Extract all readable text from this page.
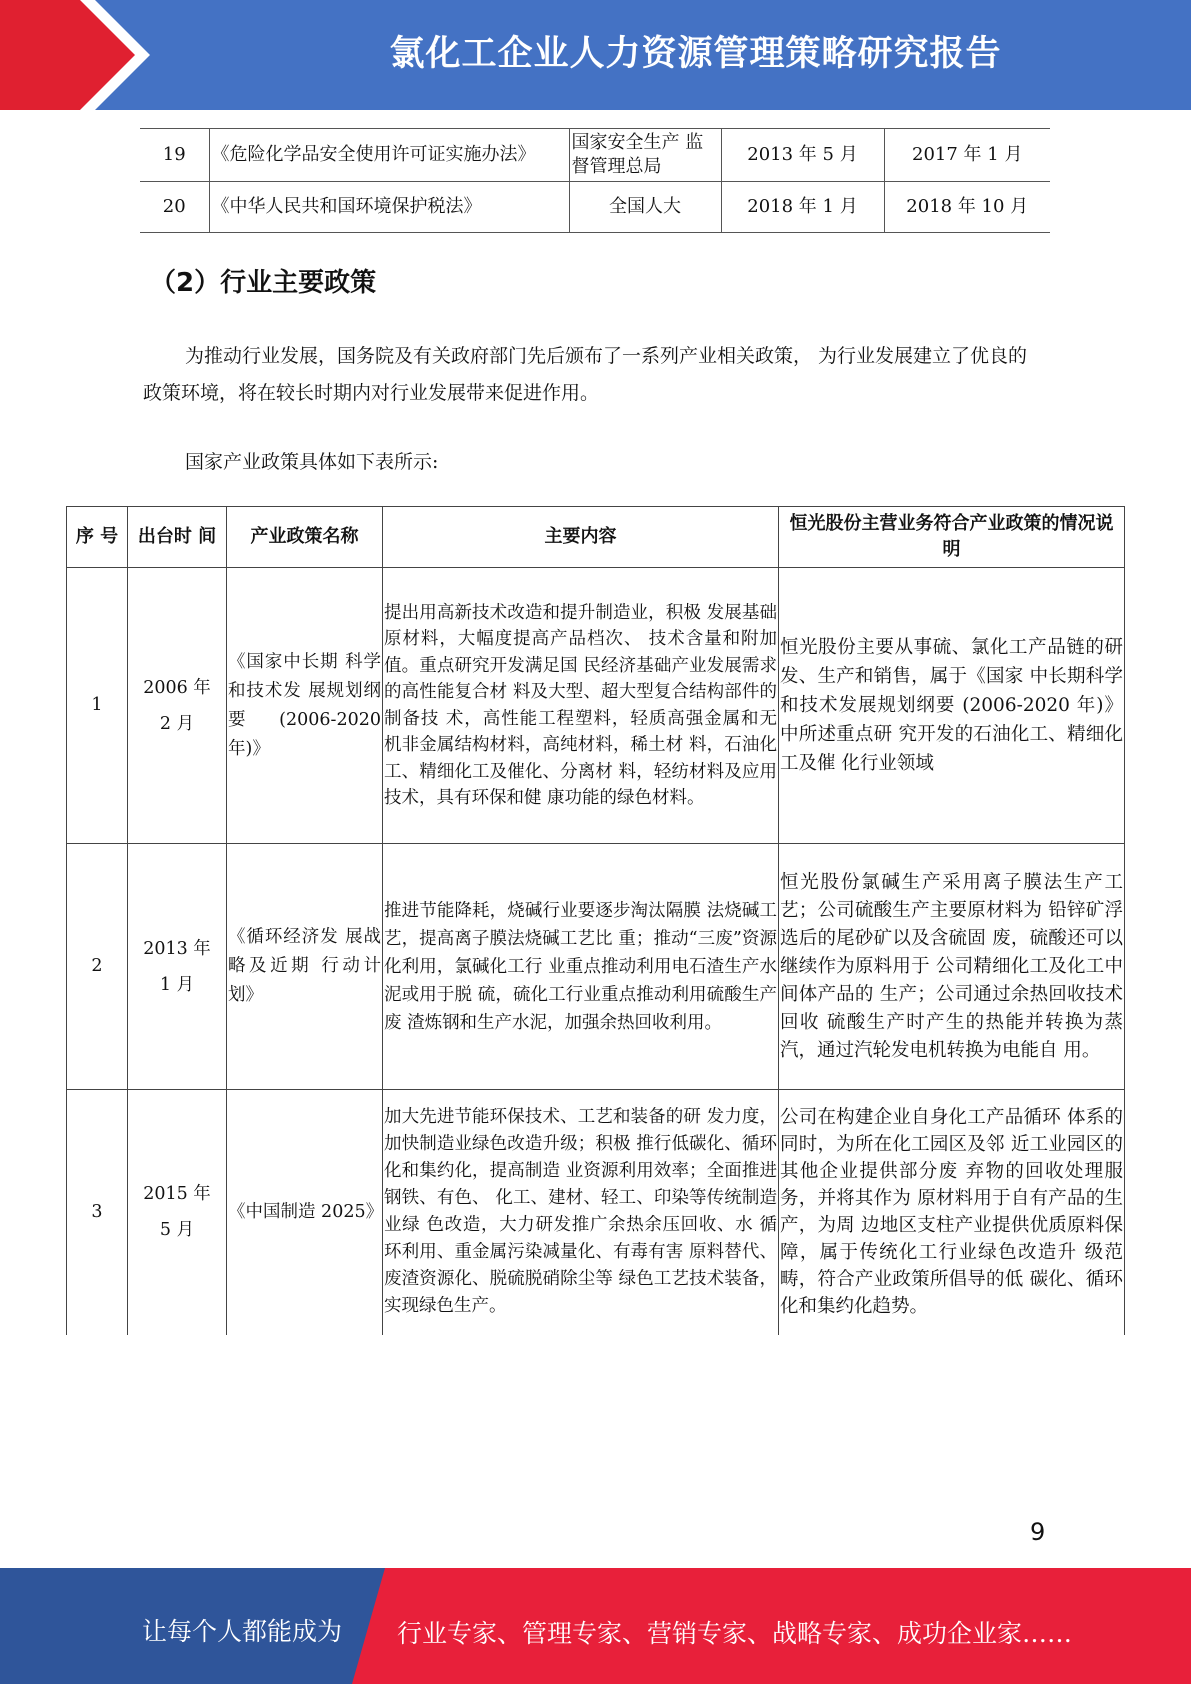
氯化工企业人力资源管理策略研究报告
19	《危险化学品安全使用许可证实施办法》	国家安全生产 监督管理总局	2013 年 5 月	2017 年 1 月
20	《中华人民共和国环境保护税法》	全国人大	2018 年 1 月	2018 年 10 月
（2）行业主要政策
为推动行业发展，国务院及有关政府部门先后颁布了一系列产业相关政策， 为行业发展建立了优良的政策环境，将在较长时期内对行业发展带来促进作用。
国家产业政策具体如下表所示:
序 号	出台时 间	产业政策名称	主要内容	恒光股份主营业务符合产业政策的情况说明
1	2006 年 2 月	《国家中长期 科学和技术发 展规划纲要 (2006-2020 年)》	提出用高新技术改造和提升制造业，积极 发展基础原材料，大幅度提高产品档次、 技术含量和附加值。重点研究开发满足国 民经济基础产业发展需求的高性能复合材 料及大型、超大型复合结构部件的制备技 术，高性能工程塑料，轻质高强金属和无 机非金属结构材料，高纯材料，稀土材 料，石油化工、精细化工及催化、分离材 料，轻纺材料及应用技术，具有环保和健 康功能的绿色材料。	恒光股份主要从事硫、氯化工产品链的研发、生产和销售，属于《国家 中长期科学和技术发展规划纲要 (2006-2020 年)》中所述重点研 究开发的石油化工、精细化工及催 化行业领域
2	2013 年 1 月	《循环经济发 展战略及近期 行动计划》	推进节能降耗，烧碱行业要逐步淘汰隔膜 法烧碱工艺，提高离子膜法烧碱工艺比 重；推动“三废”资源化利用，氯碱化工行 业重点推动利用电石渣生产水泥或用于脱 硫，硫化工行业重点推动利用硫酸生产废 渣炼钢和生产水泥，加强余热回收利用。	恒光股份氯碱生产采用离子膜法生产工艺；公司硫酸生产主要原材料为 铅锌矿浮选后的尾砂矿以及含硫固 废，硫酸还可以继续作为原料用于 公司精细化工及化工中间体产品的 生产；公司通过余热回收技术回收 硫酸生产时产生的热能并转换为蒸 汽，通过汽轮发电机转换为电能自 用。
3	2015 年 5 月	《中国制造 2025》	加大先进节能环保技术、工艺和装备的研 发力度，加快制造业绿色改造升级；积极 推行低碳化、循环化和集约化，提高制造 业资源利用效率；全面推进钢铁、有色、 化工、建材、轻工、印染等传统制造业绿 色改造，大力研发推广余热余压回收、水 循环利用、重金属污染减量化、有毒有害 原料替代、废渣资源化、脱硫脱硝除尘等 绿色工艺技术装备，实现绿色生产。	公司在构建企业自身化工产品循环 体系的同时，为所在化工园区及邻 近工业园区的其他企业提供部分废 弃物的回收处理服务，并将其作为 原材料用于自有产品的生产，为周 边地区支柱产业提供优质原料保 障，属于传统化工行业绿色改造升 级范畴，符合产业政策所倡导的低 碳化、循环化和集约化趋势。
9
让每个人都能成为 行业专家、管理专家、营销专家、战略专家、成功企业家……
